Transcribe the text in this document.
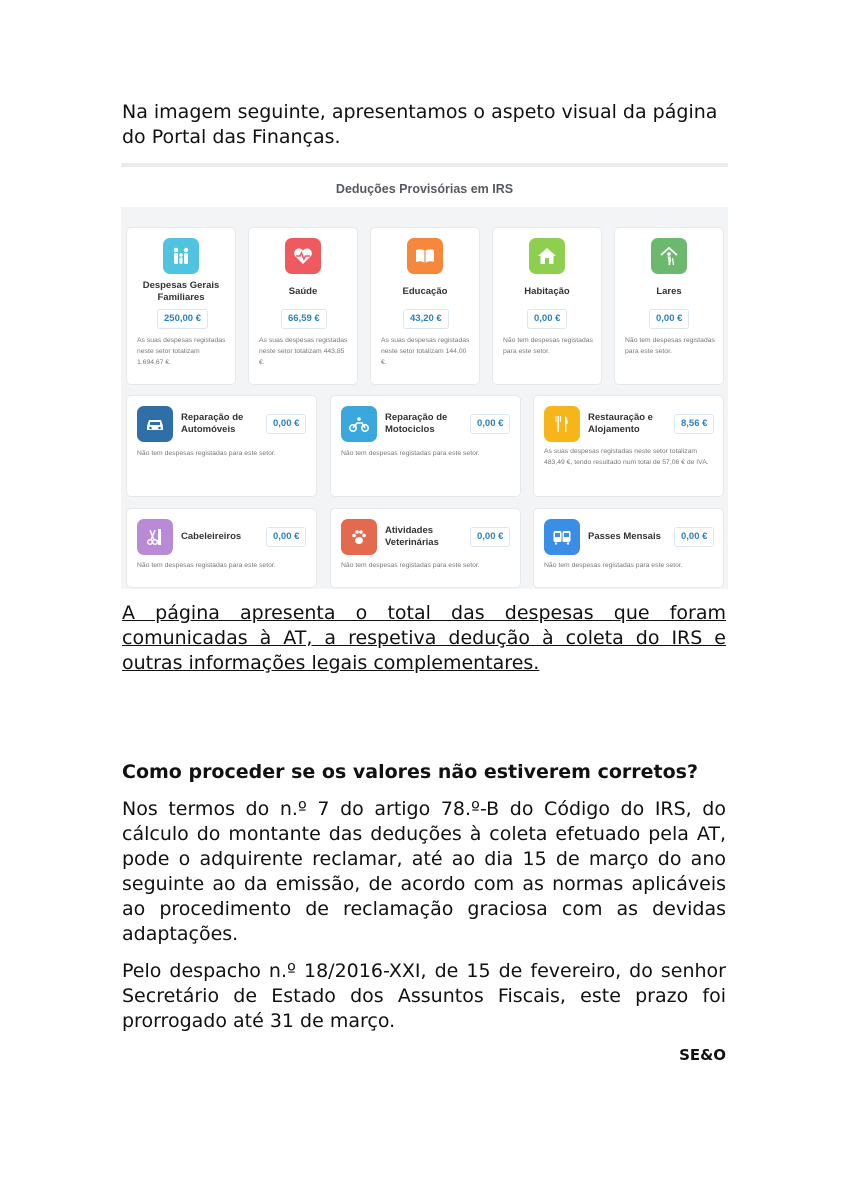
Na imagem seguinte, apresentamos o aspeto visual da página do Portal das Finanças.
Deduções Provisórias em IRS
Despesas Gerais Familiares
250,00 €
As suas despesas registadas neste setor totalizam 1.694,67 €.
Saúde
66,59 €
As suas despesas registadas neste setor totalizam 443,85 €.
Educação
43,20 €
As suas despesas registadas neste setor totalizam 144,00 €.
Habitação
0,00 €
Não tem despesas registadas para este setor.
Lares
0,00 €
Não tem despesas registadas para este setor.
Reparação de Automóveis
0,00 €
Não tem despesas registadas para este setor.
Reparação de Motociclos
0,00 €
Não tem despesas registadas para este setor.
Restauração e Alojamento
8,56 €
As suas despesas registadas neste setor totalizam 483,49 €, tendo resultado num total de 57,06 € de IVA.
Cabeleireiros	0,00 €
Não tem despesas registadas para este setor.
Atividades Veterinárias
0,00 €
Não tem despesas registadas para este setor.
Passes Mensais	0,00 €
Não tem despesas registadas para este setor.
A página apresenta o total das despesas que foram comunicadas à AT, a respetiva dedução à coleta do IRS e outras informações legais complementares.
Como proceder se os valores não estiverem corretos?
Nos termos do n.º 7 do artigo 78.º-B do Código do IRS, do cálculo do montante das deduções à coleta efetuado pela AT, pode o adquirente reclamar, até ao dia 15 de março do ano seguinte ao da emissão, de acordo com as normas aplicáveis ao procedimento de reclamação graciosa com as devidas adaptações.
Pelo despacho n.º 18/2016-XXI, de 15 de fevereiro, do senhor Secretário de Estado dos Assuntos Fiscais, este prazo foi prorrogado até 31 de março.
SE&O
